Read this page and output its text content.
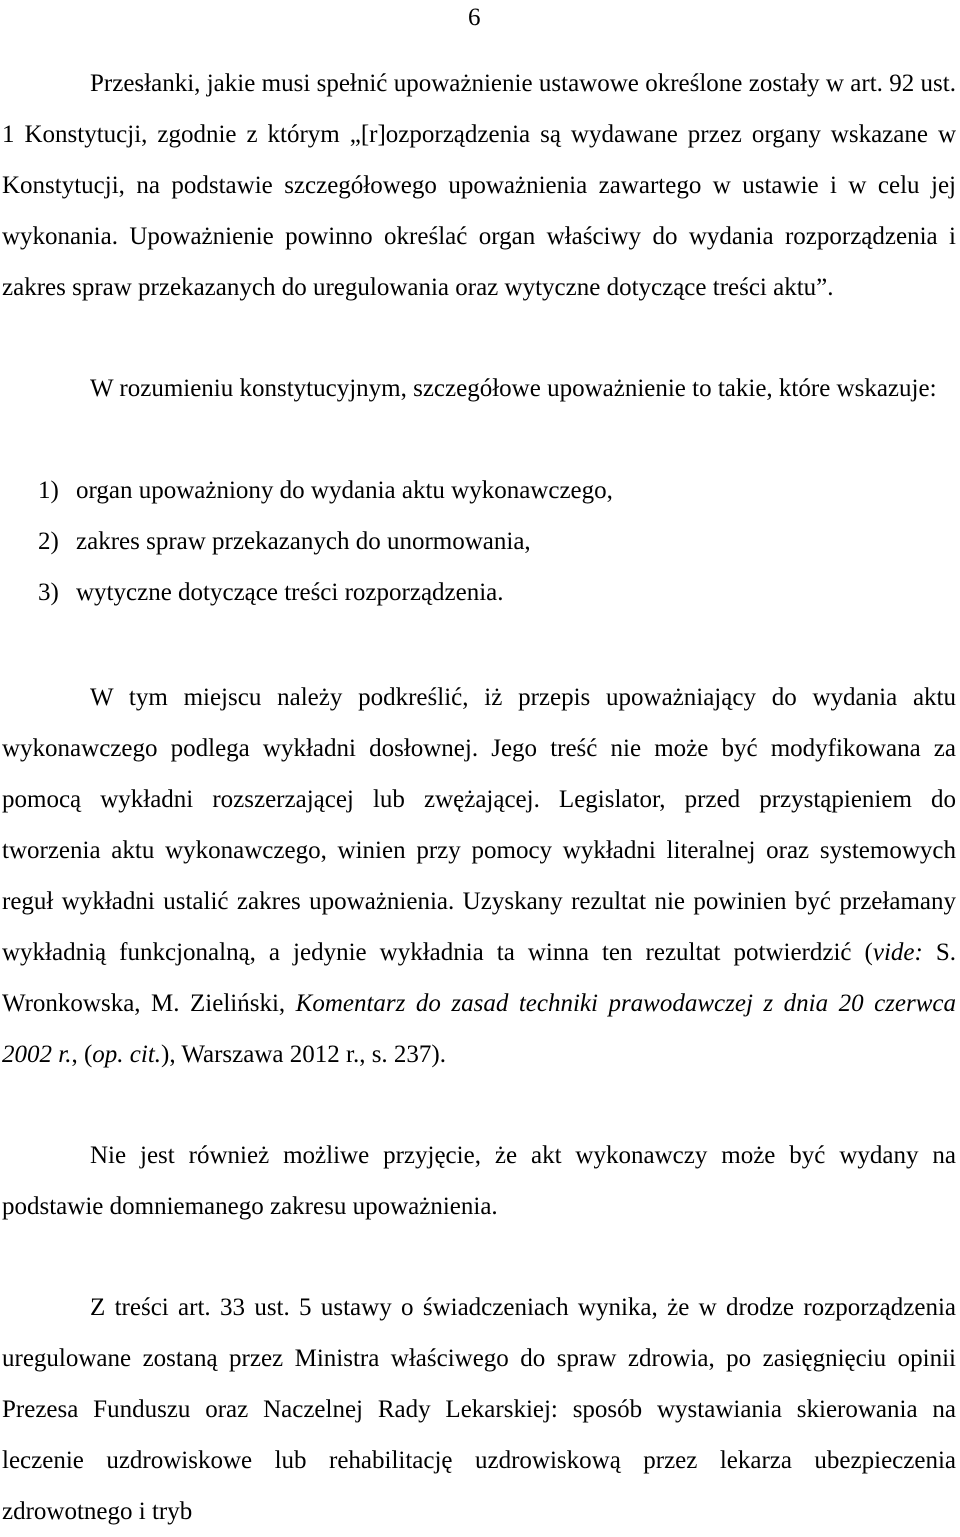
6

Przesłanki, jakie musi spełnić upoważnienie ustawowe określone zostały w art. 92 ust. 1 Konstytucji, zgodnie z którym „[r]ozporządzenia są wydawane przez organy wskazane w Konstytucji, na podstawie szczegółowego upoważnienia zawartego w ustawie i w celu jej wykonania. Upoważnienie powinno określać organ właściwy do wydania rozporządzenia i zakres spraw przekazanych do uregulowania oraz wytyczne dotyczące treści aktu”.

W rozumieniu konstytucyjnym, szczegółowe upoważnienie to takie, które wskazuje:

1) organ upoważniony do wydania aktu wykonawczego,
2) zakres spraw przekazanych do unormowania,
3) wytyczne dotyczące treści rozporządzenia.

W tym miejscu należy podkreślić, iż przepis upoważniający do wydania aktu wykonawczego podlega wykładni dosłownej. Jego treść nie może być modyfikowana za pomocą wykładni rozszerzającej lub zwężającej. Legislator, przed przystąpieniem do tworzenia aktu wykonawczego, winien przy pomocy wykładni literalnej oraz systemowych reguł wykładni ustalić zakres upoważnienia. Uzyskany rezultat nie powinien być przełamany wykładnią funkcjonalną, a jedynie wykładnia ta winna ten rezultat potwierdzić (vide: S. Wronkowska, M. Zieliński, Komentarz do zasad techniki prawodawczej z dnia 20 czerwca 2002 r., (op. cit.), Warszawa 2012 r., s. 237).

Nie jest również możliwe przyjęcie, że akt wykonawczy może być wydany na podstawie domniemanego zakresu upoważnienia.

Z treści art. 33 ust. 5 ustawy o świadczeniach wynika, że w drodze rozporządzenia uregulowane zostaną przez Ministra właściwego do spraw zdrowia, po zasięgnięciu opinii Prezesa Funduszu oraz Naczelnej Rady Lekarskiej: sposób wystawiania skierowania na leczenie uzdrowiskowe lub rehabilitację uzdrowiskową przez lekarza ubezpieczenia zdrowotnego i tryb
